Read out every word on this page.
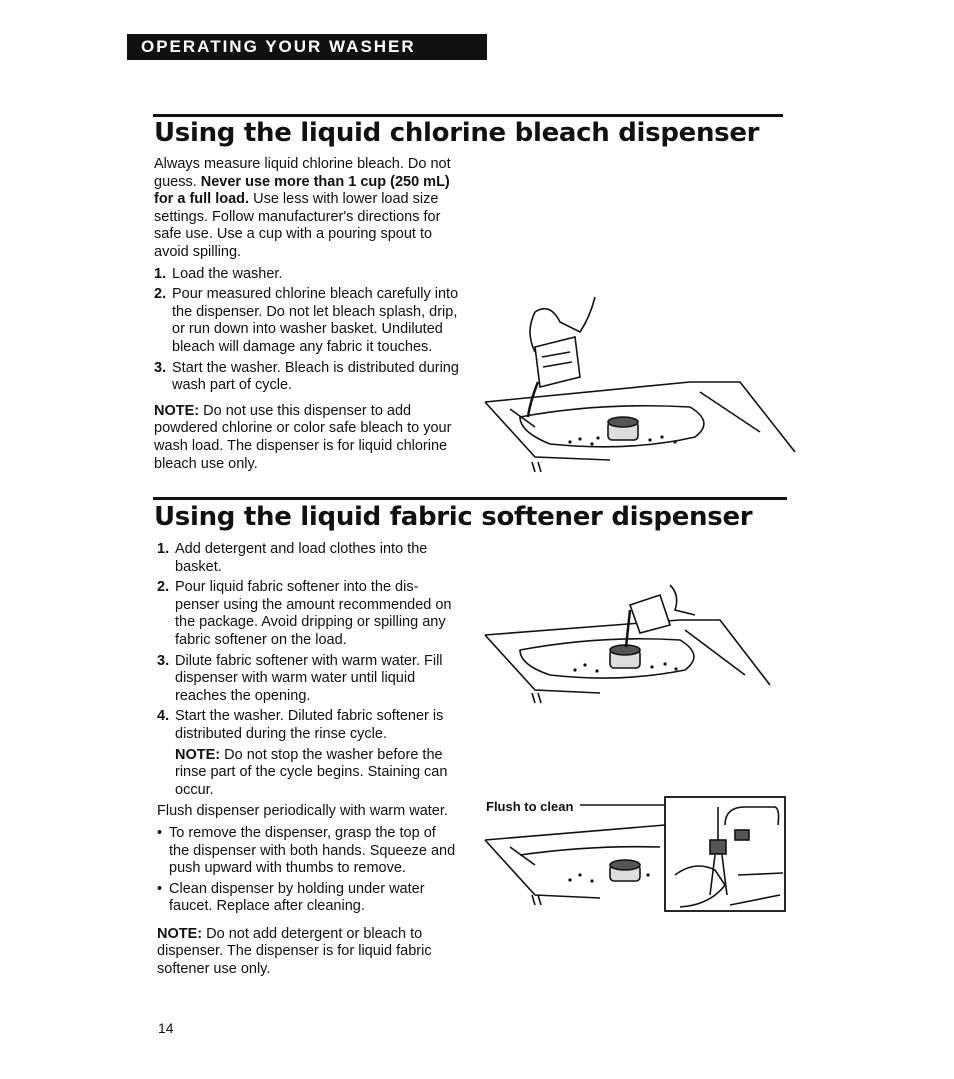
OPERATING YOUR WASHER
Using the liquid chlorine bleach dispenser

Always measure liquid chlorine bleach. Do not guess. Never use more than 1 cup (250 mL) for a full load. Use less with lower load size settings. Follow manufacturer's directions for safe use. Use a cup with a pouring spout to avoid spilling.

1. Load the washer.
2. Pour measured chlorine bleach carefully into the dispenser. Do not let bleach splash, drip, or run down into washer basket. Undiluted bleach will damage any fabric it touches.
3. Start the washer. Bleach is distributed during wash part of cycle.

NOTE: Do not use this dispenser to add powdered chlorine or color safe bleach to your wash load. The dispenser is for liquid chlorine bleach use only.

Using the liquid fabric softener dispenser
1. Add detergent and load clothes into the basket.
2. Pour liquid fabric softener into the dis-penser using the amount recommended on the package. Avoid dripping or spilling any fabric softener on the load.
3. Dilute fabric softener with warm water. Fill dispenser with warm water until liquid reaches the opening.
4. Start the washer. Diluted fabric softener is distributed during the rinse cycle.

NOTE: Do not stop the washer before the rinse part of the cycle begins. Staining can occur.

Flush dispenser periodically with warm water.

• To remove the dispenser, grasp the top of the dispenser with both hands. Squeeze and push upward with thumbs to remove.
• Clean dispenser by holding under water faucet. Replace after cleaning.

NOTE: Do not add detergent or bleach to dispenser. The dispenser is for liquid fabric softener use only.

Flush to clean
14
